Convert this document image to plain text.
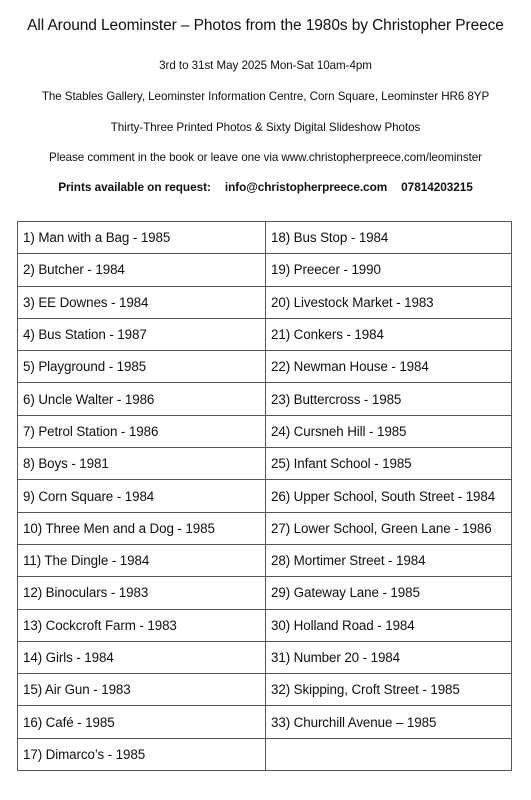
All Around Leominster – Photos from the 1980s by Christopher Preece
3rd to 31st May 2025 Mon-Sat 10am-4pm
The Stables Gallery, Leominster Information Centre, Corn Square, Leominster HR6 8YP
Thirty-Three Printed Photos & Sixty Digital Slideshow Photos
Please comment in the book or leave one via www.christopherpreece.com/leominster
Prints available on request: info@christopherpreece.com 07814203215
1) Man with a Bag - 1985	18) Bus Stop - 1984
2) Butcher - 1984	19) Preecer - 1990
3) EE Downes - 1984	20) Livestock Market - 1983
4) Bus Station - 1987	21) Conkers - 1984
5) Playground - 1985	22) Newman House - 1984
6) Uncle Walter - 1986	23) Buttercross - 1985
7) Petrol Station - 1986	24) Cursneh Hill - 1985
8) Boys - 1981	25) Infant School - 1985
9) Corn Square - 1984	26) Upper School, South Street - 1984
10) Three Men and a Dog - 1985	27) Lower School, Green Lane - 1986
11) The Dingle - 1984	28) Mortimer Street - 1984
12) Binoculars - 1983	29) Gateway Lane - 1985
13) Cockcroft Farm - 1983	30) Holland Road - 1984
14) Girls - 1984	31) Number 20 - 1984
15) Air Gun - 1983	32) Skipping, Croft Street - 1985
16) Café - 1985	33) Churchill Avenue – 1985
17) Dimarco’s - 1985	
